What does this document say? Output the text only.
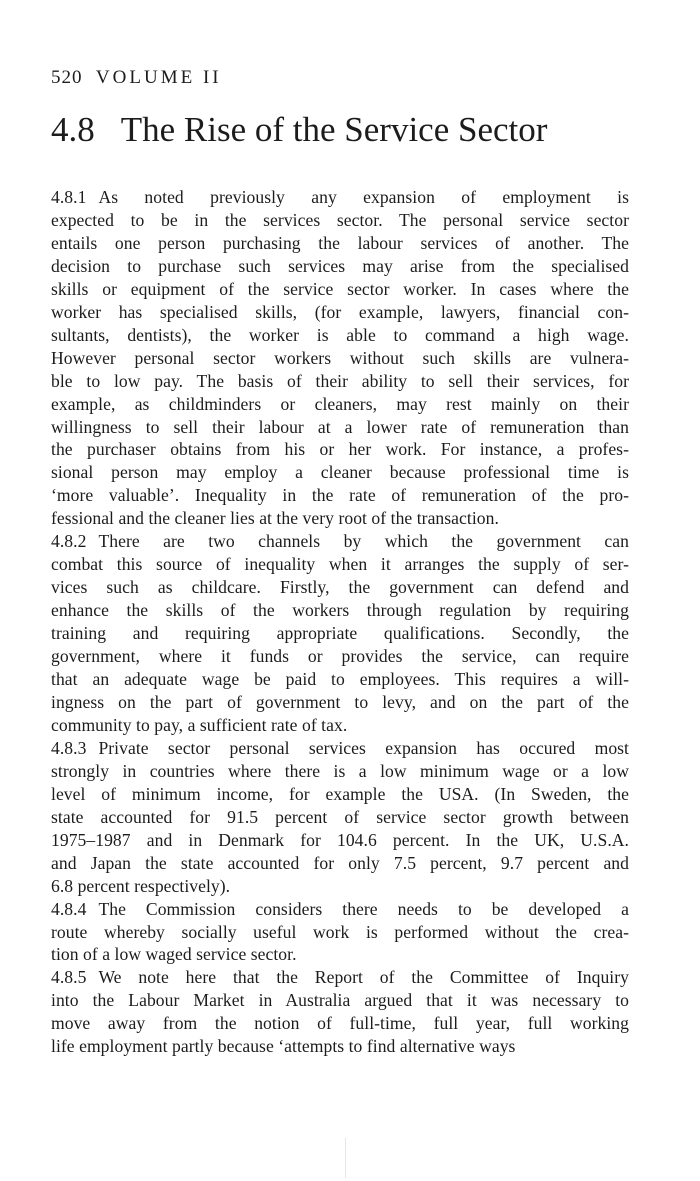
520 VOLUME II
4.8 The Rise of the Service Sector
4.8.1 As noted previously any expansion of employment is
expected to be in the services sector. The personal service sector
entails one person purchasing the labour services of another. The
decision to purchase such services may arise from the specialised
skills or equipment of the service sector worker. In cases where the
worker has specialised skills, (for example, lawyers, financial con-
sultants, dentists), the worker is able to command a high wage.
However personal sector workers without such skills are vulnera-
ble to low pay. The basis of their ability to sell their services, for
example, as childminders or cleaners, may rest mainly on their
willingness to sell their labour at a lower rate of remuneration than
the purchaser obtains from his or her work. For instance, a profes-
sional person may employ a cleaner because professional time is
‘more valuable’. Inequality in the rate of remuneration of the pro-
fessional and the cleaner lies at the very root of the transaction.
4.8.2 There are two channels by which the government can
combat this source of inequality when it arranges the supply of ser-
vices such as childcare. Firstly, the government can defend and
enhance the skills of the workers through regulation by requiring
training and requiring appropriate qualifications. Secondly, the
government, where it funds or provides the service, can require
that an adequate wage be paid to employees. This requires a will-
ingness on the part of government to levy, and on the part of the
community to pay, a sufficient rate of tax.
4.8.3 Private sector personal services expansion has occured most
strongly in countries where there is a low minimum wage or a low
level of minimum income, for example the USA. (In Sweden, the
state accounted for 91.5 percent of service sector growth between
1975–1987 and in Denmark for 104.6 percent. In the UK, U.S.A.
and Japan the state accounted for only 7.5 percent, 9.7 percent and
6.8 percent respectively).
4.8.4 The Commission considers there needs to be developed a
route whereby socially useful work is performed without the crea-
tion of a low waged service sector.
4.8.5 We note here that the Report of the Committee of Inquiry
into the Labour Market in Australia argued that it was necessary to
move away from the notion of full-time, full year, full working
life employment partly because ‘attempts to find alternative ways
